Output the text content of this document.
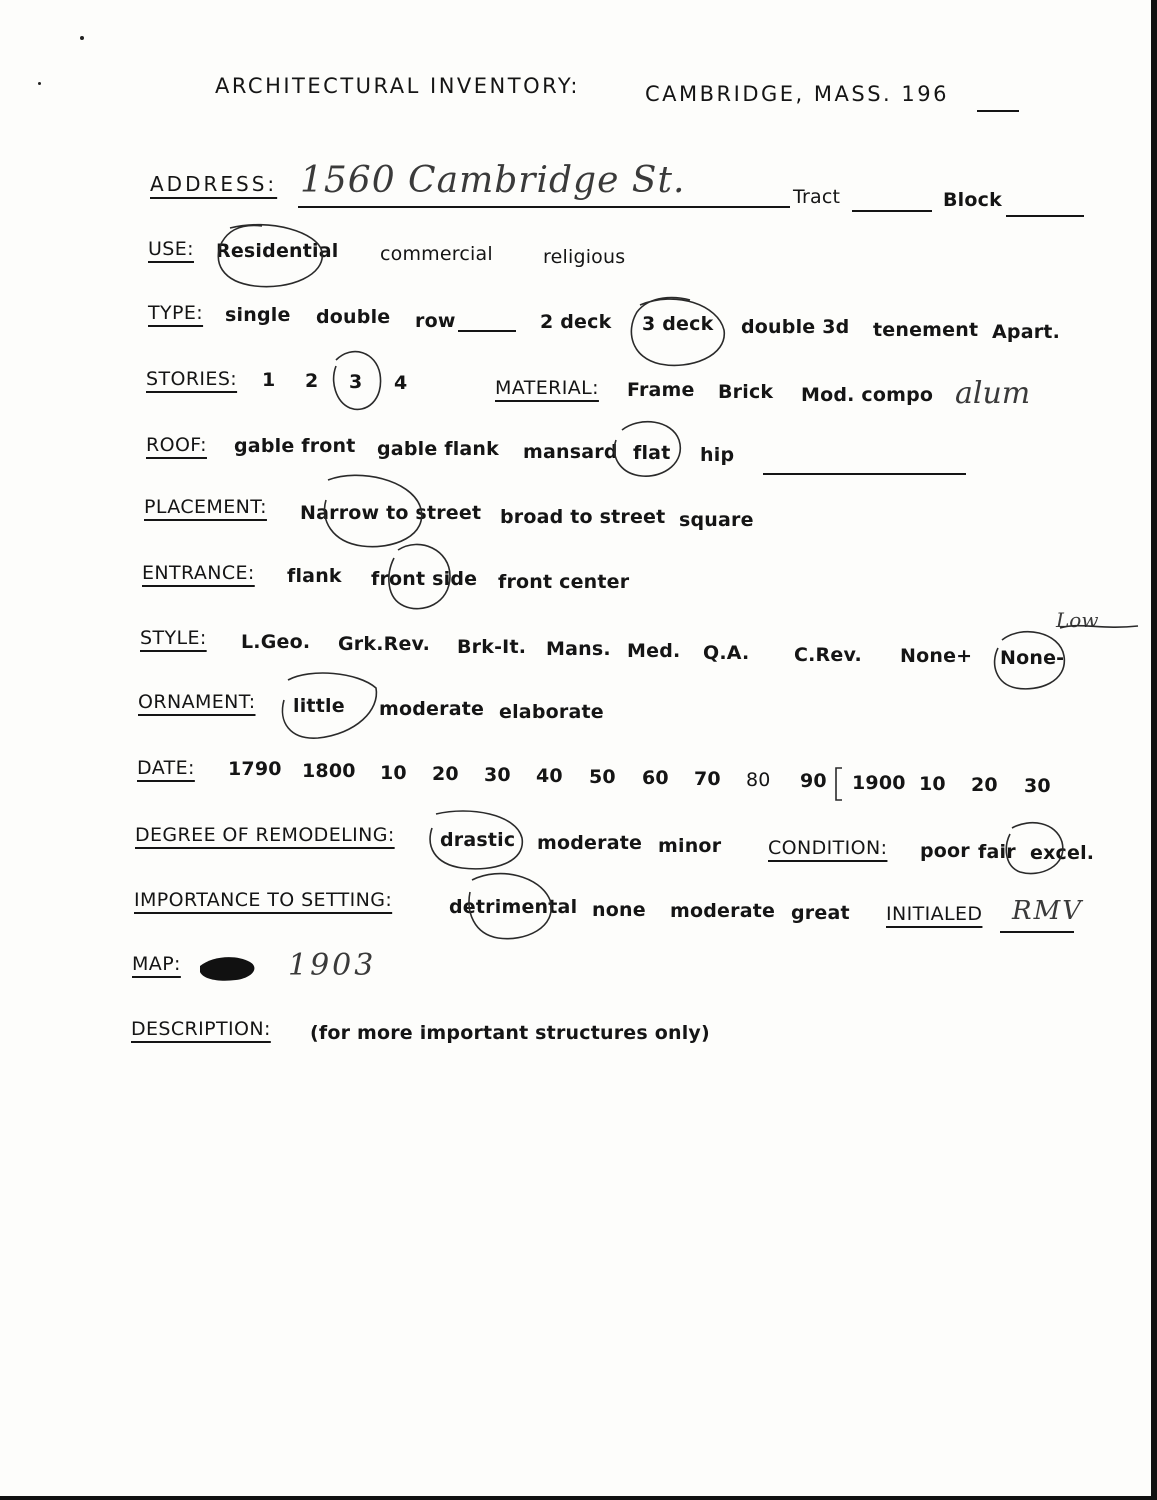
ARCHITECTURAL INVENTORY:	CAMBRIDGE, MASS. 196
ADDRESS: 1560 Cambridge St.	Tract	Block
USE: Residential commercial	religious
TYPE: single double row	2 deck 3 deck double 3d tenement Apart.
STORIES: 1 2 3 4	MATERIAL: Frame Brick Mod. compo alum
ROOF: gable front gable flank mansard flat hip
PLACEMENT: Narrow to street broad to street square
ENTRANCE: flank front side front center
STYLE: L.Geo. Grk.Rev. Brk-It. Mans. Med. Q.A. C.Rev. None+ None-
Low
ORNAMENT: little moderate elaborate
DATE: 1790 1800 10 20 30 40 50 60 70 80 90 1900 10 20 30
DEGREE OF REMODELING: drastic moderate minor CONDITION: poor fair excel.
IMPORTANCE TO SETTING:	detrimental none moderate great INITIALED RMV
MAP:	1903
DESCRIPTION: (for more important structures only)
